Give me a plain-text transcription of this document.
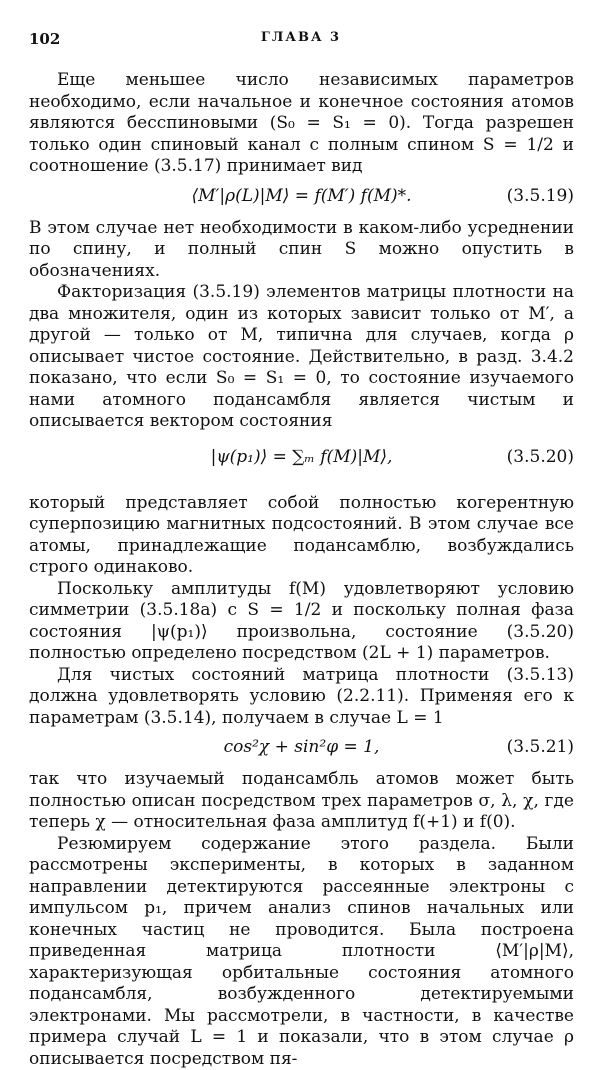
102	ГЛАВА 3

Еще меньшее число независимых параметров необходимо, если начальное и конечное состояния атомов являются бесспиновыми (S₀ = S₁ = 0). Тогда разрешен только один спиновый канал с полным спином S = 1/2 и соотношение (3.5.17) принимает вид

⟨M′|ρ(L)|M⟩ = f(M′) f(M)*.	(3.5.19)

В этом случае нет необходимости в каком-либо усреднении по спину, и полный спин S можно опустить в обозначениях.

Факторизация (3.5.19) элементов матрицы плотности на два множителя, один из которых зависит только от M′, а другой — только от M, типична для случаев, когда ρ описывает чистое состояние. Действительно, в разд. 3.4.2 показано, что если S₀ = S₁ = 0, то состояние изучаемого нами атомного подансамбля является чистым и описывается вектором состояния

|ψ(p₁)⟩ = ∑ₘ f(M)|M⟩,	(3.5.20)

который представляет собой полностью когерентную суперпозицию магнитных подсостояний. В этом случае все атомы, принадлежащие подансамблю, возбуждались строго одинаково.

Поскольку амплитуды f(M) удовлетворяют условию симметрии (3.5.18а) с S = 1/2 и поскольку полная фаза состояния |ψ(p₁)⟩ произвольна, состояние (3.5.20) полностью определено посредством (2L + 1) параметров.

Для чистых состояний матрица плотности (3.5.13) должна удовлетворять условию (2.2.11). Применяя его к параметрам (3.5.14), получаем в случае L = 1

cos²χ + sin²φ = 1,	(3.5.21)

так что изучаемый подансамбль атомов может быть полностью описан посредством трех параметров σ, λ, χ, где теперь χ — относительная фаза амплитуд f(+1) и f(0).

Резюмируем содержание этого раздела. Были рассмотрены эксперименты, в которых в заданном направлении детектируются рассеянные электроны с импульсом p₁, причем анализ спинов начальных или конечных частиц не проводится. Была построена приведенная матрица плотности ⟨M′|ρ|M⟩, характеризующая орбитальные состояния атомного подансамбля, возбужденного детектируемыми электронами. Мы рассмотрели, в частности, в качестве примера случай L = 1 и показали, что в этом случае ρ описывается посредством пя-
